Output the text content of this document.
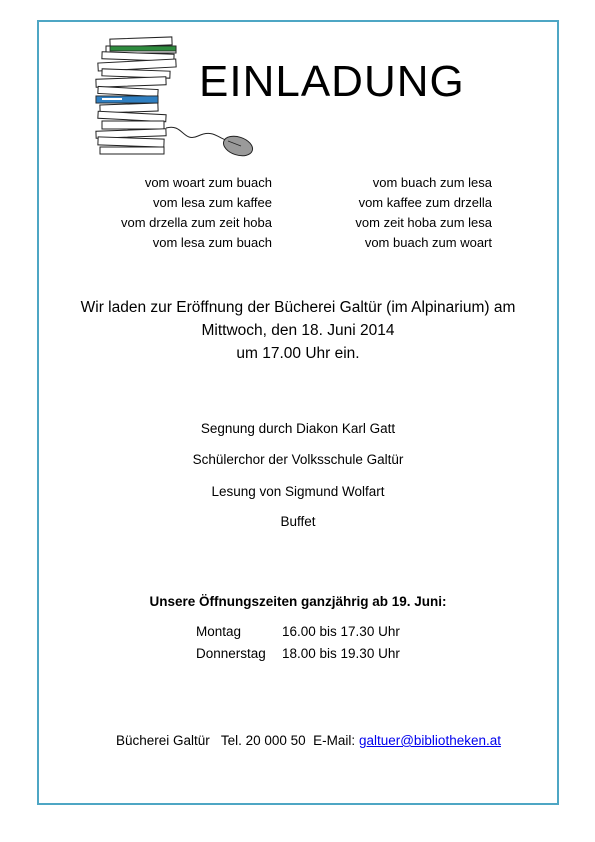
EINLADUNG
vom woart zum buach
vom lesa zum kaffee
vom drzella zum zeit hoba
vom lesa zum buach
vom buach zum lesa
vom kaffee zum drzella
vom zeit hoba zum lesa
vom buach zum woart
Wir laden zur Eröffnung der Bücherei Galtür (im Alpinarium) am
Mittwoch, den 18. Juni 2014
um 17.00 Uhr ein.
Segnung durch Diakon Karl Gatt
Schülerchor der Volksschule Galtür
Lesung von Sigmund Wolfart
Buffet
Unsere Öffnungszeiten ganzjährig ab 19. Juni:
Montag	16.00 bis 17.30 Uhr
Donnerstag 18.00 bis 19.30 Uhr
Bücherei Galtür Tel. 20 000 50 E-Mail: galtuer@bibliotheken.at
